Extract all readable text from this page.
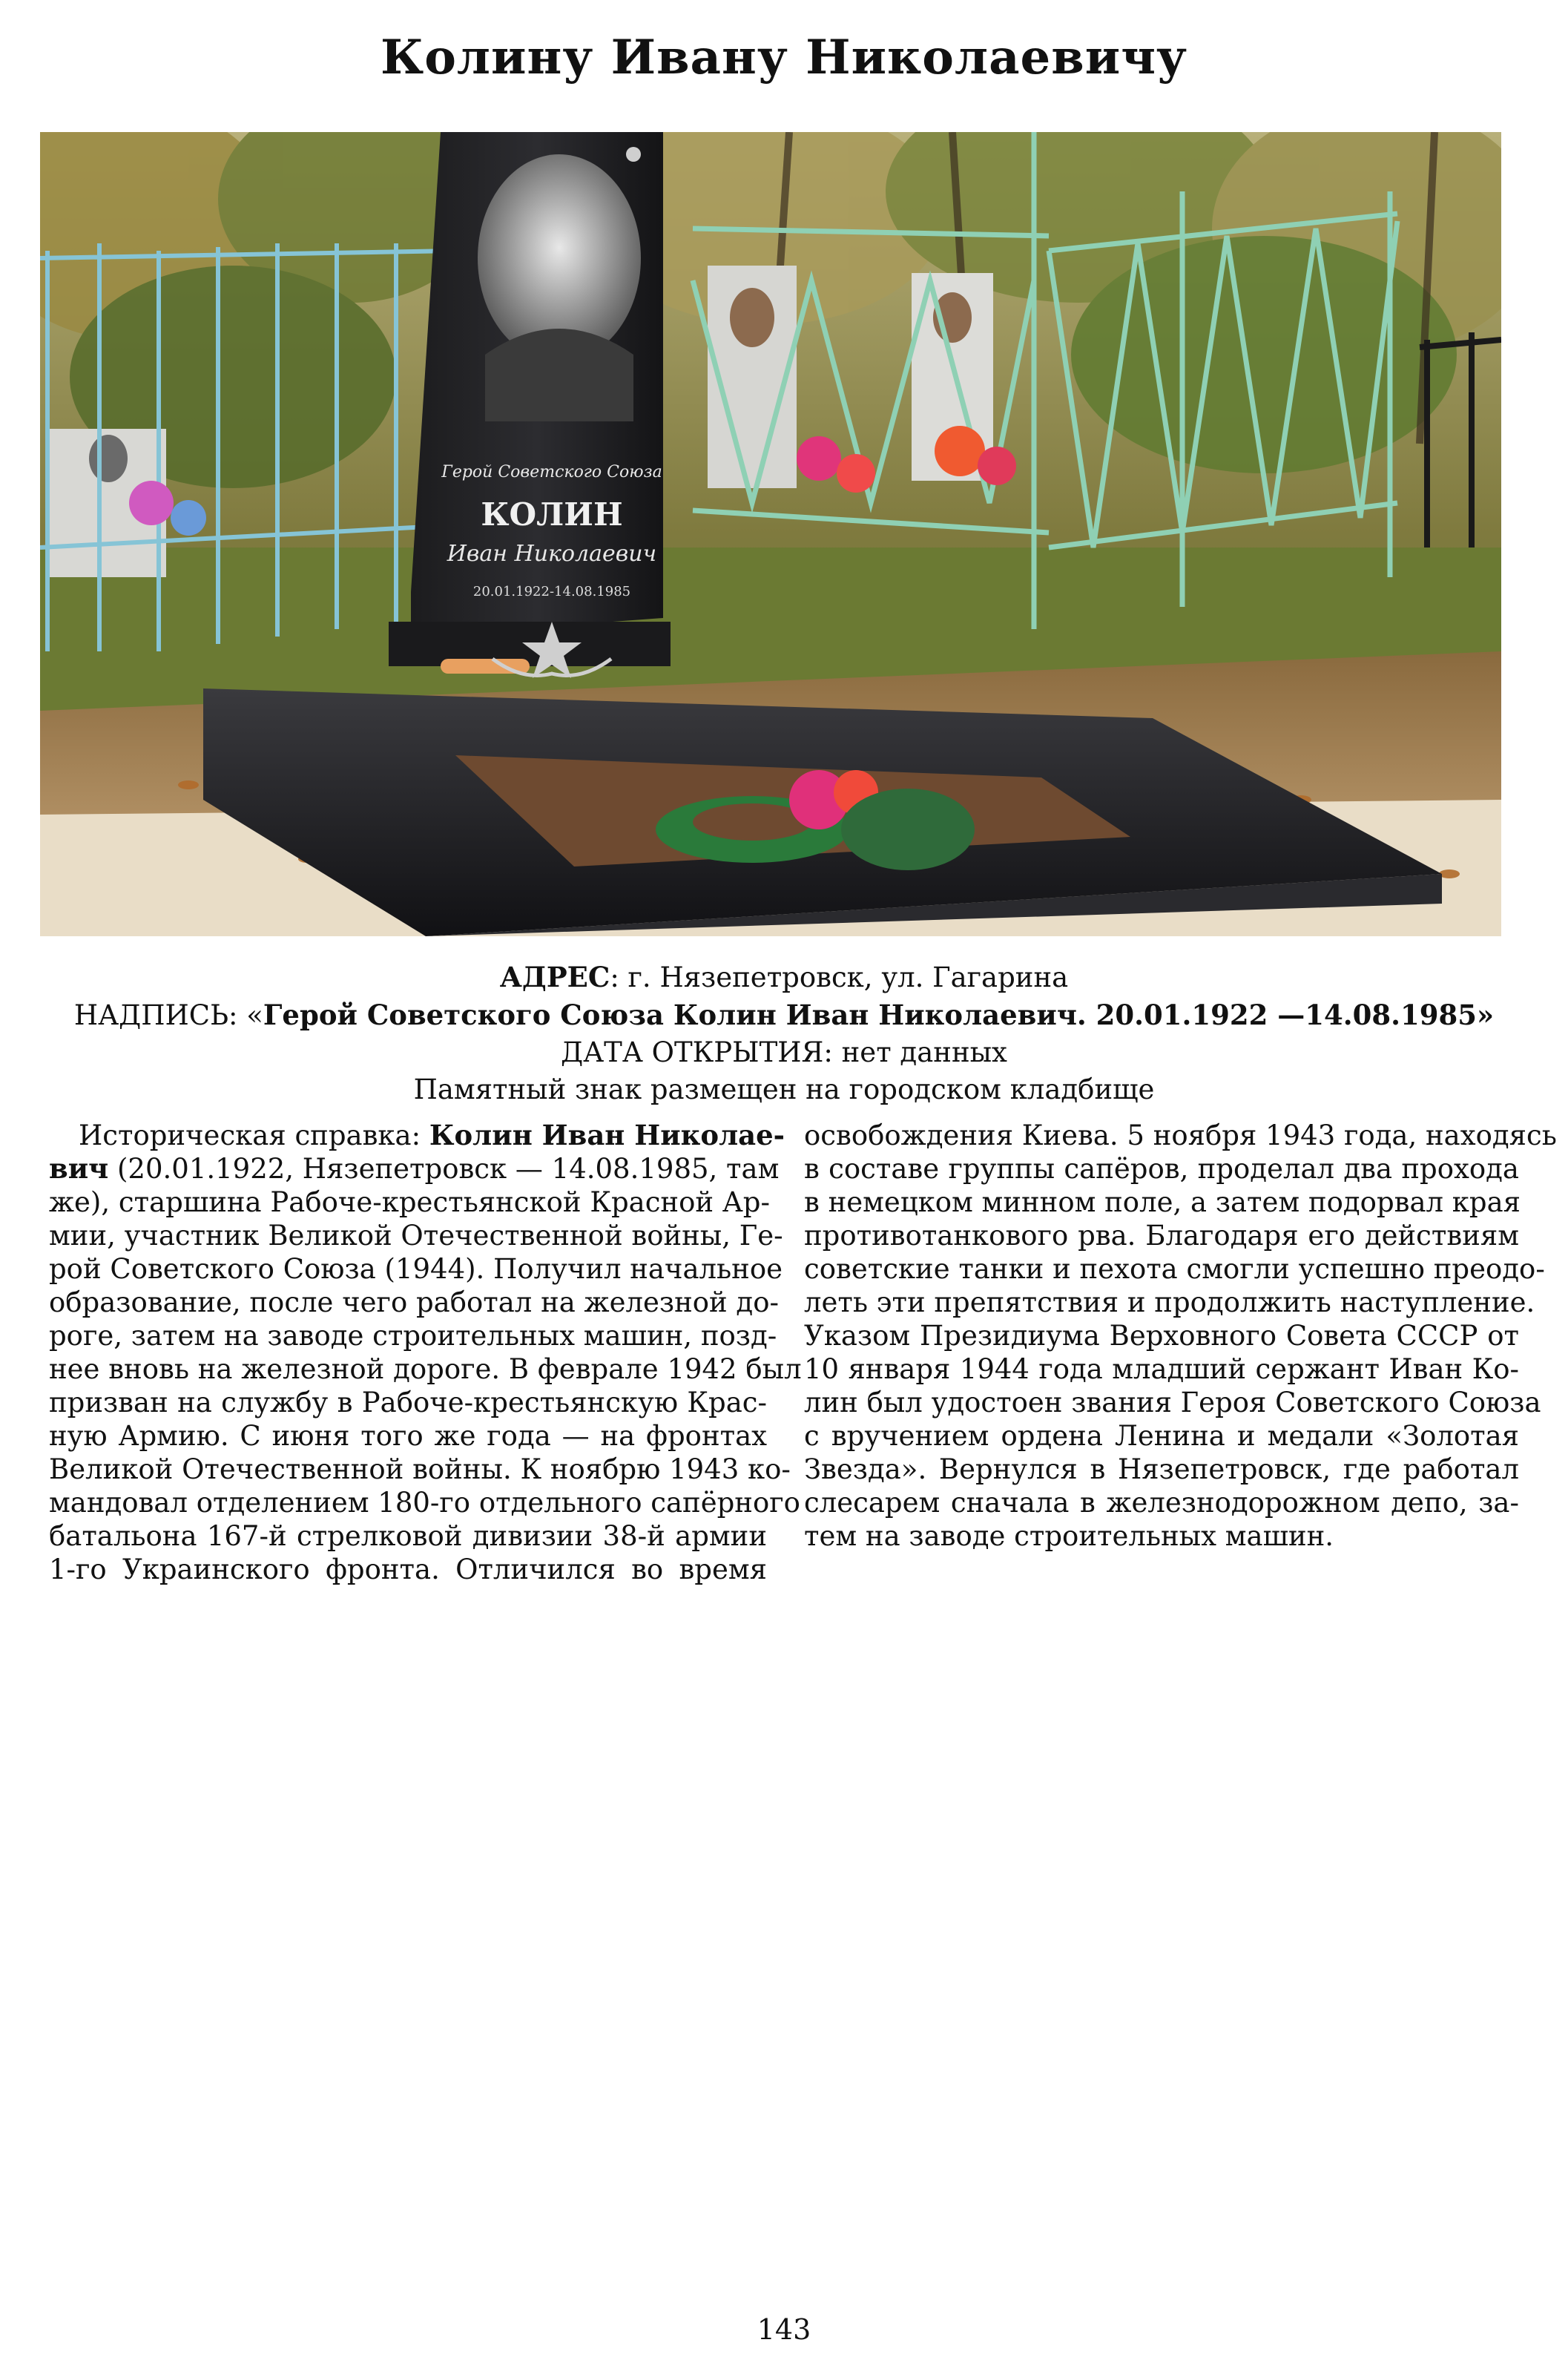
Колину Ивану Николаевичу
Герой Советского Союза
КОЛИН
Иван Николаевич
20.01.1922-14.08.1985
АДРЕС: г. Нязепетровск, ул. Гагарина
НАДПИСЬ: «Герой Советского Союза Колин Иван Николаевич. 20.01.1922 —14.08.1985»
ДАТА ОТКРЫТИЯ: нет данных
Памятный знак размещен на городском кладбище
Историческая справка: Колин Иван Николае-
вич (20.01.1922, Нязепетровск — 14.08.1985, там
же), старшина Рабоче-крестьянской Красной Ар-
мии, участник Великой Отечественной войны, Ге-
рой Советского Союза (1944). Получил начальное
образование, после чего работал на железной до-
роге, затем на заводе строительных машин, позд-
нее вновь на железной дороге. В феврале 1942 был
призван на службу в Рабоче-крестьянскую Крас-
ную Армию. С июня того же года — на фронтах
Великой Отечественной войны. К ноябрю 1943 ко-
мандовал отделением 180-го отдельного сапёрного
батальона 167-й стрелковой дивизии 38-й армии
1-го Украинского фронта. Отличился во время
освобождения Киева. 5 ноября 1943 года, находясь
в составе группы сапёров, проделал два прохода
в немецком минном поле, а затем подорвал края
противотанкового рва. Благодаря его действиям
советские танки и пехота смогли успешно преодо-
леть эти препятствия и продолжить наступление.
Указом Президиума Верховного Совета СССР от
10 января 1944 года младший сержант Иван Ко-
лин был удостоен звания Героя Советского Союза
с вручением ордена Ленина и медали «Золотая
Звезда». Вернулся в Нязепетровск, где работал
слесарем сначала в железнодорожном депо, за-
тем на заводе строительных машин.
143
